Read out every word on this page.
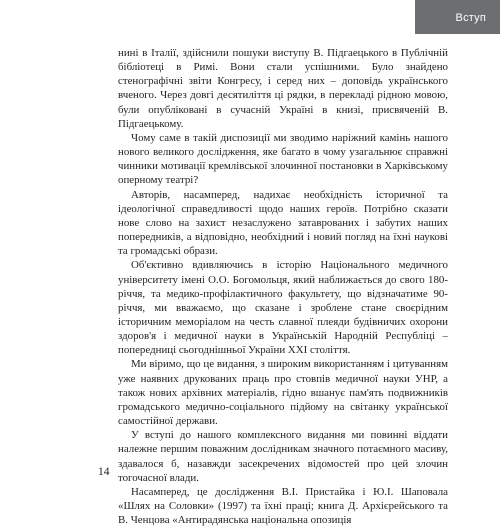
Вступ

нині в Італії, здійснили пошуки виступу В. Підгаецького в Публічній бібліотеці в Римі. Вони стали успішними. Було знайдено стенографічні звіти Конгресу, і серед них – доповідь українського вченого. Через довгі десятиліття ці рядки, в перекладі рідною мовою, були опубліковані в сучасній Україні в книзі, присвяченій В. Підгаецькому.

Чому саме в такій диспозиції ми зводимо наріжний камінь нашого нового великого дослідження, яке багато в чому узагальнює справжні чинники мотивації кремлівської злочинної постановки в Харківському оперному театрі?

Авторів, насамперед, надихає необхідність історичної та ідеологічної справедливості щодо наших героїв. Потрібно сказати нове слово на захист незаслужено затаврованих і забутих наших попередників, а відповідно, необхідний і новий погляд на їхні наукові та громадські образи.

Об'єктивно вдивляючись в історію Національного медичного університету імені О.О. Богомольця, який наближається до свого 180-річчя, та медико-профілактичного факультету, що відзначатиме 90-річчя, ми вважаємо, що сказане і зроблене стане своєрідним історичним меморіалом на честь славної плеяди будівничих охорони здоров'я і медичної науки в Українській Народній Республіці – попередниці сьогоднішньої України XXI століття.

Ми віримо, що це видання, з широким використанням і цитуванням уже наявних друкованих праць про стовпів медичної науки УНР, а також нових архівних матеріалів, гідно вшанує пам'ять подвижників громадського медично-соціального підйому на світанку української самостійної держави.

У вступі до нашого комплексного видання ми повинні віддати належне першим поважним дослідникам значного потаємного масиву, здавалося б, назавжди засекречених відомостей про цей злочин тогочасної влади.

Насамперед, це дослідження В.І. Пристайка і Ю.І. Шаповала «Шлях на Соловки» (1997) та їхні праці; книга Д. Архієрейського та В. Ченцова «Антирадянська національна опозиція

14
